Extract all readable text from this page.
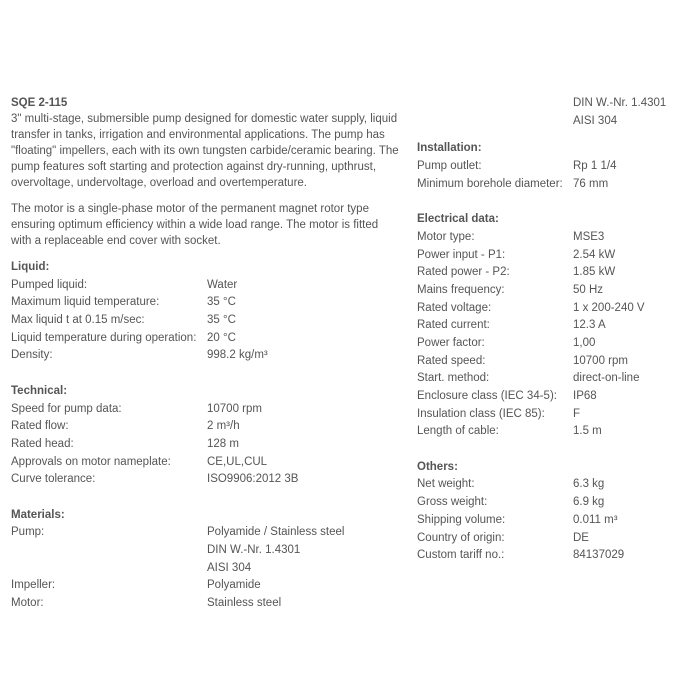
SQE 2-115

3" multi-stage, submersible pump designed for domestic water supply, liquid transfer in tanks, irrigation and environmental applications. The pump has "floating" impellers, each with its own tungsten carbide/ceramic bearing. The pump features soft starting and protection against dry-running, upthrust, overvoltage, undervoltage, overload and overtemperature.

The motor is a single-phase motor of the permanent magnet rotor type ensuring optimum efficiency within a wide load range. The motor is fitted with a replaceable end cover with socket.

Liquid:
Pumped liquid:	Water
Maximum liquid temperature:	35 °C
Max liquid t at 0.15 m/sec:	35 °C
Liquid temperature during operation: 20 °C
Density:	998.2 kg/m³
Technical:
Speed for pump data:	10700 rpm
Rated flow:	2 m³/h
Rated head:	128 m
Approvals on motor nameplate:	CE,UL,CUL
Curve tolerance:	ISO9906:2012 3B
Materials:
Pump:	Polyamide / Stainless steel
DIN W.-Nr. 1.4301
AISI 304
Impeller:	Polyamide
Motor:	Stainless steel
DIN W.-Nr. 1.4301
AISI 304
Installation:
Pump outlet:	Rp 1 1/4
Minimum borehole diameter: 76 mm
Electrical data:
Motor type:	MSE3
Power input - P1:	2.54 kW
Rated power - P2:	1.85 kW
Mains frequency:	50 Hz
Rated voltage:	1 x 200-240 V
Rated current:	12.3 A
Power factor:	1,00
Rated speed:	10700 rpm
Start. method:	direct-on-line
Enclosure class (IEC 34-5):	IP68
Insulation class (IEC 85):	F
Length of cable:	1.5 m
Others:
Net weight:	6.3 kg
Gross weight:	6.9 kg
Shipping volume:	0.011 m³
Country of origin:	DE
Custom tariff no.:	84137029
